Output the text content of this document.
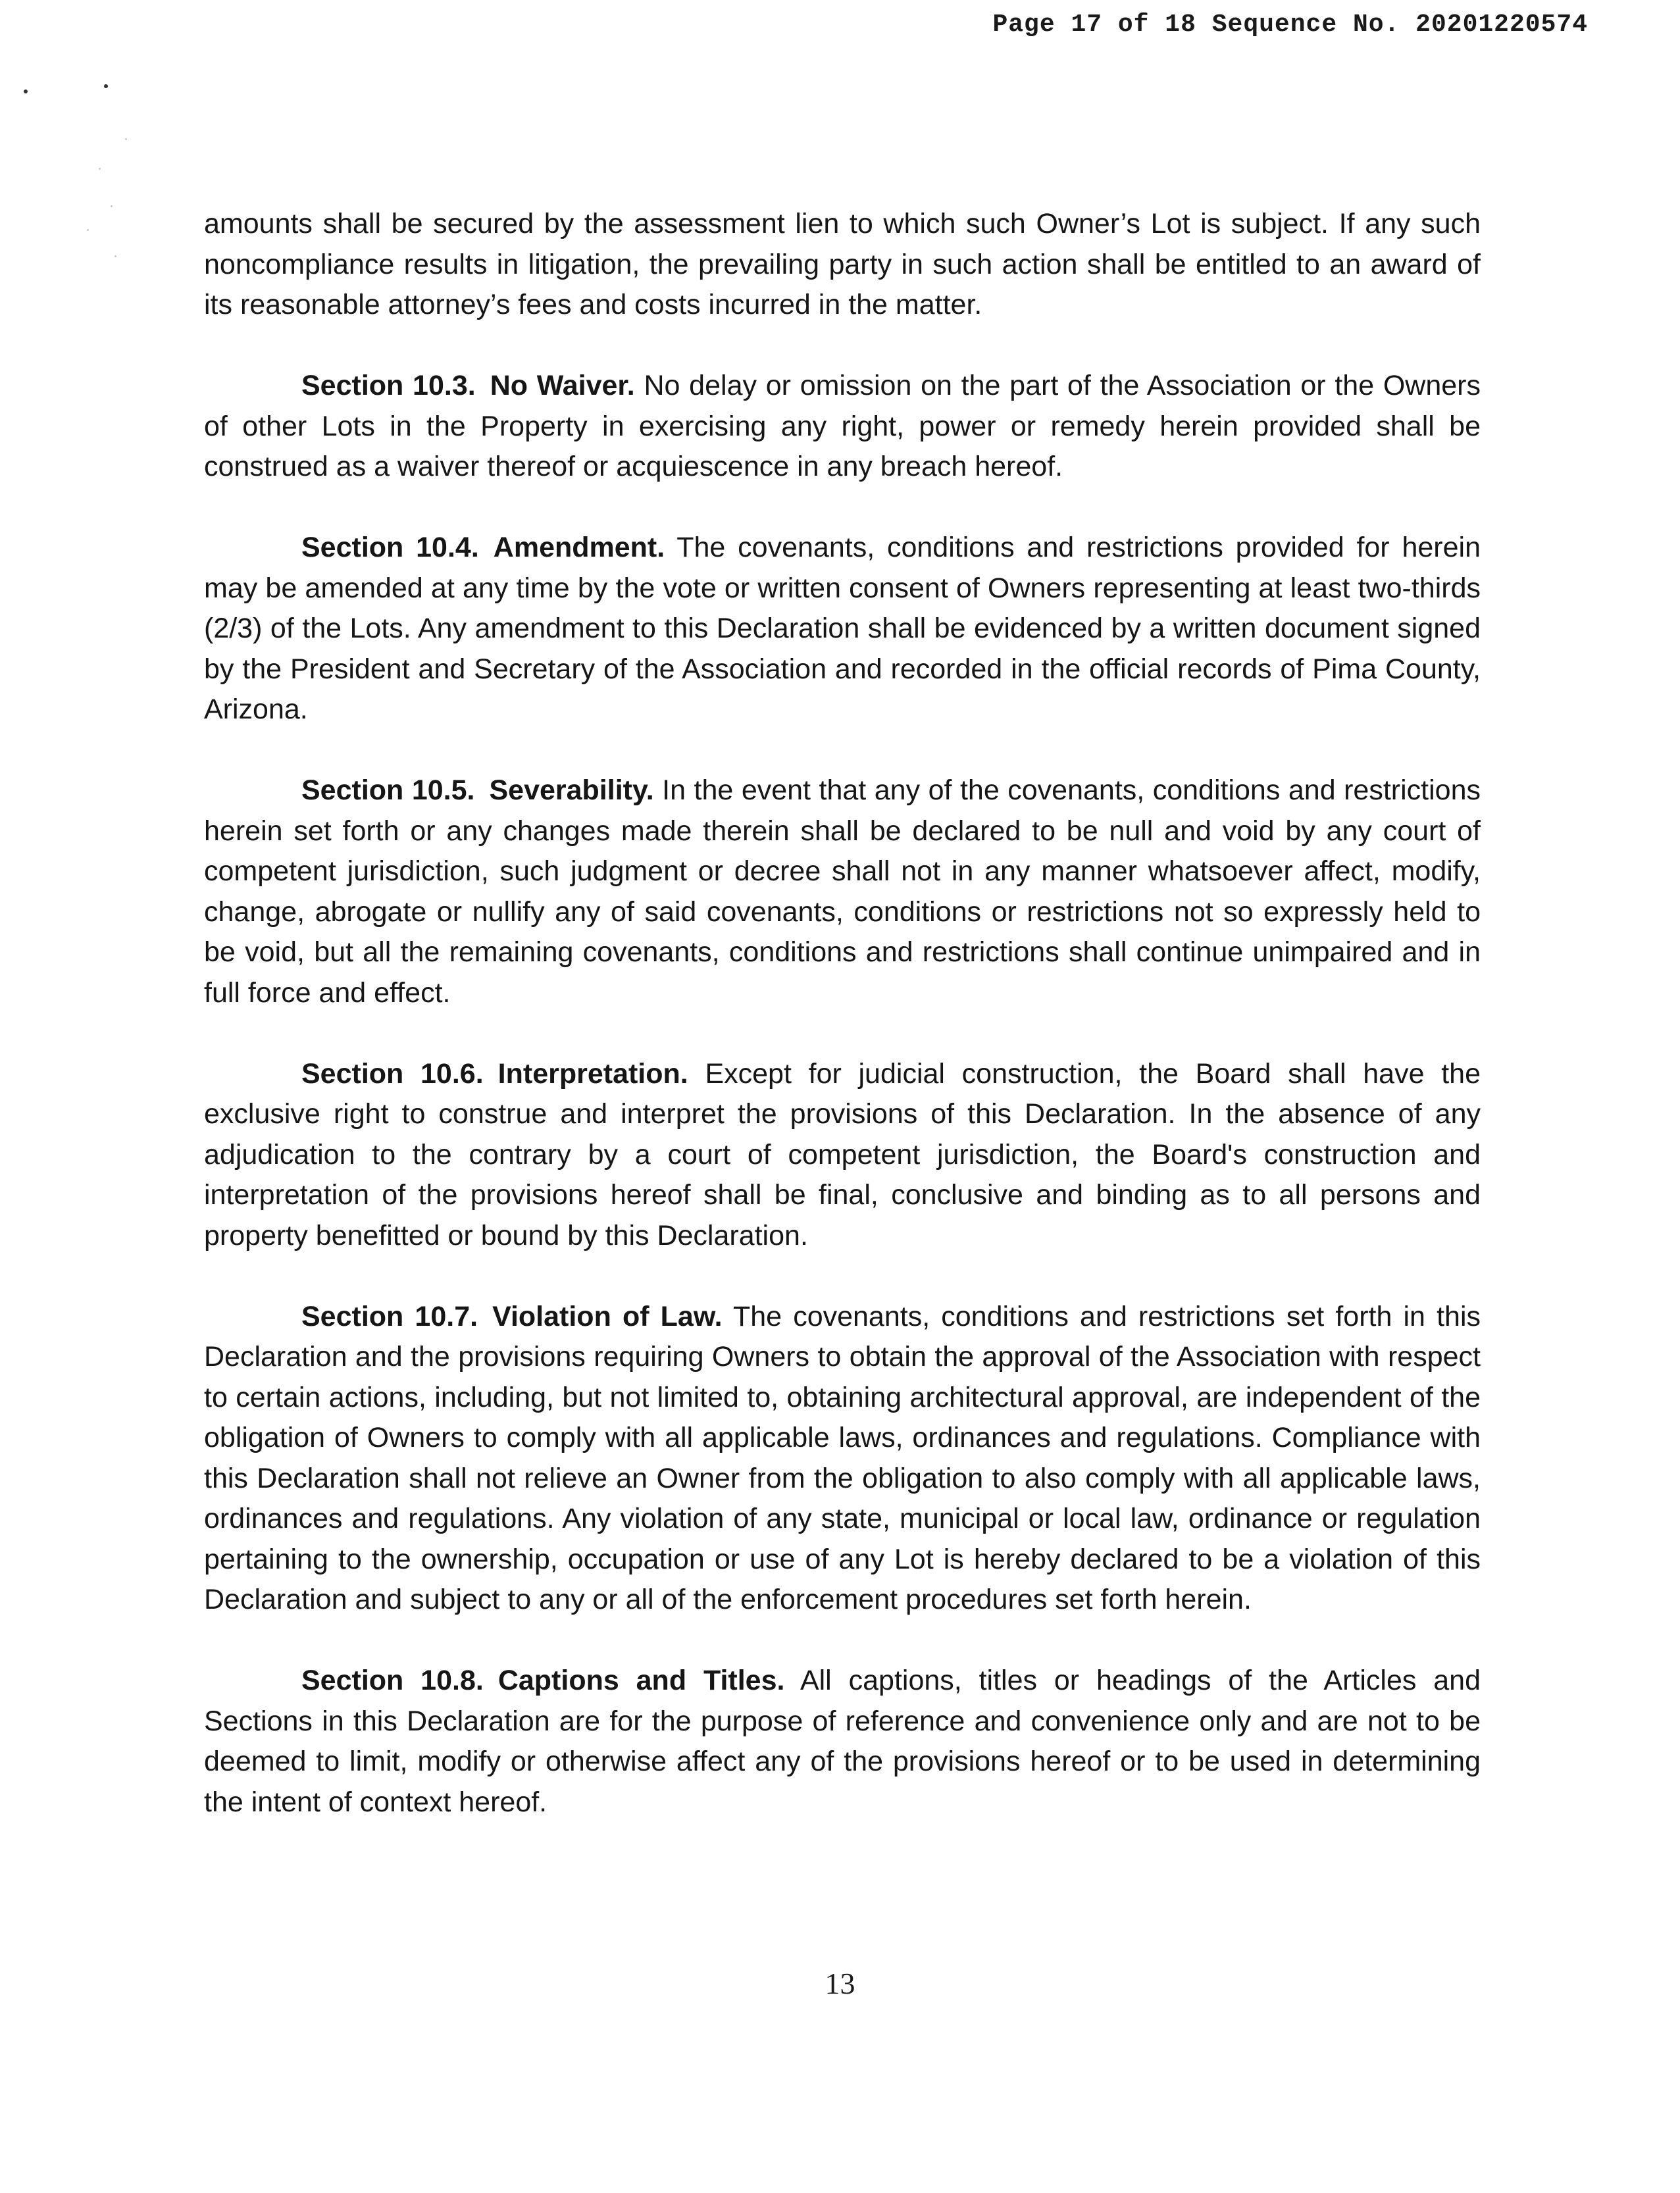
Page 17 of 18 Sequence No. 20201220574

amounts shall be secured by the assessment lien to which such Owner’s Lot is subject. If any such noncompliance results in litigation, the prevailing party in such action shall be entitled to an award of its reasonable attorney’s fees and costs incurred in the matter.

Section 10.3. No Waiver. No delay or omission on the part of the Association or the Owners of other Lots in the Property in exercising any right, power or remedy herein provided shall be construed as a waiver thereof or acquiescence in any breach hereof.

Section 10.4. Amendment. The covenants, conditions and restrictions provided for herein may be amended at any time by the vote or written consent of Owners representing at least two-thirds (2/3) of the Lots. Any amendment to this Declaration shall be evidenced by a written document signed by the President and Secretary of the Association and recorded in the official records of Pima County, Arizona.

Section 10.5. Severability. In the event that any of the covenants, conditions and restrictions herein set forth or any changes made therein shall be declared to be null and void by any court of competent jurisdiction, such judgment or decree shall not in any manner whatsoever affect, modify, change, abrogate or nullify any of said covenants, conditions or restrictions not so expressly held to be void, but all the remaining covenants, conditions and restrictions shall continue unimpaired and in full force and effect.

Section 10.6. Interpretation. Except for judicial construction, the Board shall have the exclusive right to construe and interpret the provisions of this Declaration. In the absence of any adjudication to the contrary by a court of competent jurisdiction, the Board's construction and interpretation of the provisions hereof shall be final, conclusive and binding as to all persons and property benefitted or bound by this Declaration.

Section 10.7. Violation of Law. The covenants, conditions and restrictions set forth in this Declaration and the provisions requiring Owners to obtain the approval of the Association with respect to certain actions, including, but not limited to, obtaining architectural approval, are independent of the obligation of Owners to comply with all applicable laws, ordinances and regulations. Compliance with this Declaration shall not relieve an Owner from the obligation to also comply with all applicable laws, ordinances and regulations. Any violation of any state, municipal or local law, ordinance or regulation pertaining to the ownership, occupation or use of any Lot is hereby declared to be a violation of this Declaration and subject to any or all of the enforcement procedures set forth herein.

Section 10.8. Captions and Titles. All captions, titles or headings of the Articles and Sections in this Declaration are for the purpose of reference and convenience only and are not to be deemed to limit, modify or otherwise affect any of the provisions hereof or to be used in determining the intent of context hereof.

13
